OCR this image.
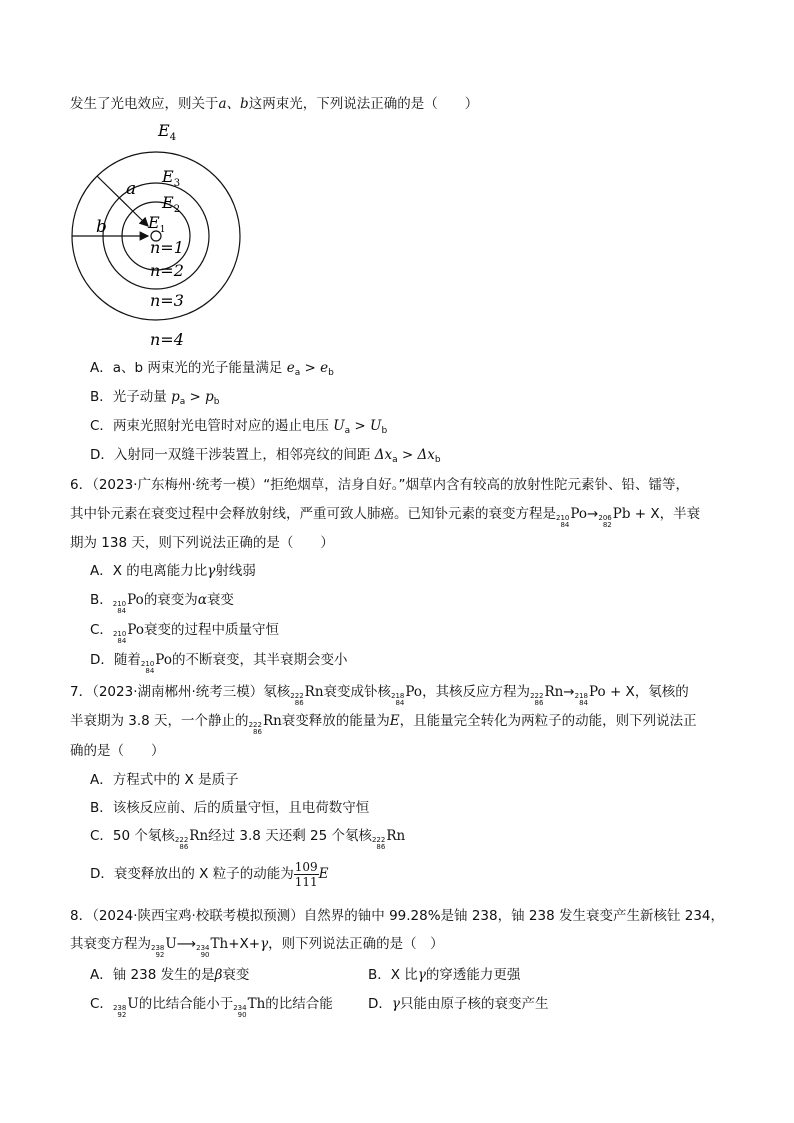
发生了光电效应，则关于a、b这两束光，下列说法正确的是（　　）
$E_4$
$E_3$
$E_2$
$E_1$
a
b
n=1
n=2
n=3
n=4
A．a、b 两束光的光子能量满足 $e_a > e_b$
B．光子动量 $p_a > p_b$
C．两束光照射光电管时对应的遏止电压 $U_a > U_b$
D．入射同一双缝干涉装置上，相邻亮纹的间距 $\Delta x_a > \Delta x_b$
6．（2023·广东梅州·统考一模）“拒绝烟草，洁身自好。”烟草内含有较高的放射性陀元素钋、铅、镭等，
其中钋元素在衰变过程中会释放射线，严重可致人肺癌。已知钋元素的衰变方程是 210
84
Po→ 206
82
Pb + X，半衰
期为 138 天，则下列说法正确的是（　　）
A．X 的电离能力比γ射线弱
B． 210
84
Po的衰变为α衰变
C． 210
84
Po衰变的过程中质量守恒
D．随着 210
84
Po的不断衰变，其半衰期会变小
7．（2023·湖南郴州·统考三模）氡核 222
86
Rn衰变成钋核 218
84
Po，其核反应方程为 222
86
Rn→ 218
84
Po + X，氡核的
半衰期为 3.8 天，一个静止的 222
86
Rn衰变释放的能量为E，且能量完全转化为两粒子的动能，则下列说法正
确的是（　　）
A．方程式中的 X 是质子
B．该核反应前、后的质量守恒，且电荷数守恒
C．50 个氡核 222
86
Rn经过 3.8 天还剩 25 个氡核 222
86
Rn
D．衰变释放出的 X 粒子的动能为 $\frac{109}{111}$ E
8．（2024·陕西宝鸡·校联考模拟预测）自然界的铀中 99.28%是铀 238，铀 238 发生衰变产生新核钍 234，
其衰变方程为 238
92
U⟶ 234
90
Th+X+γ，则下列说法正确的是（　）
A．铀 238 发生的是β衰变	B．X 比γ的穿透能力更强
C． 238
92
U的比结合能小于 234
90
Th的比结合能	D．γ只能由原子核的衰变产生
